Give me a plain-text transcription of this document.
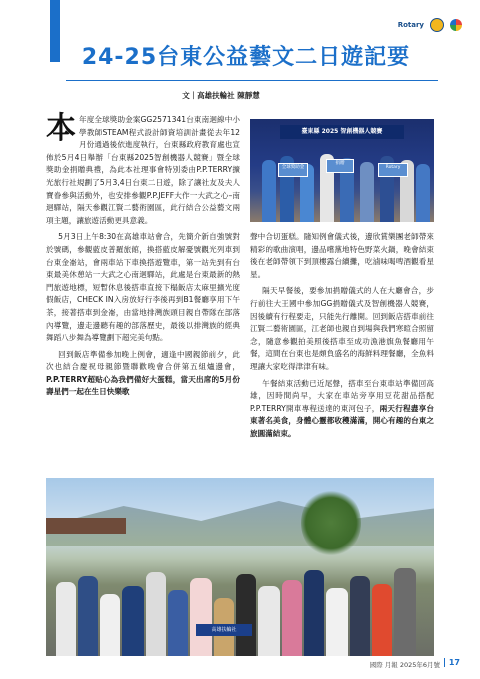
Rotary
24-25台東公益藝文二日遊記要
文｜高雄扶輪社 陳靜慧

本年度全球獎助金案GG2571341台東南迴線中小學教師STEAM程式設計師資培訓計畫從去年12月份通過後依進度執行，台東縣政府教育處也宣佈於5月4日舉辦「台東縣2025智創機器人競賽」暨全球獎助金捐贈典禮，為此本社理事會特別委由P.P.TERRY擴光旅行社規劃了5月3,4日台東二日遊，除了讓社友及夫人寶眷參與活動外，也安排參觀P.P.JEFF大作一大武之心–南迴驛站，隔天參觀江賢二藝術園區，此行結合公益藝文兩項主題，讓旅遊活動更具意義。

5月3日上午8:30在高雄車站會合，先簡介新自強號對於號碼，參觀藍皮普羅旅館，換搭藍皮解憂號觀光列車到台東金崙站，會兩車站下車換搭遊覽車，第一站先到有台東最美休憩站一大武之心南迴驛站，此處是台東最新的熱門旅遊地標，短暫休息後搭車直接下榻飯店太麻里擴光度假飯店，CHECK IN入房放好行李後再到B1餐廳享用下午茶，接著搭車到金崙，由當地排灣族頭目親自帶隊在部落內導覽，邊走邊聽有趣的部落歷史，最後以排灣族的經典舞蹈八步舞為導覽劃下超完美句點。

回到飯店準備參加晚上例會，適逢中國親節前夕，此次也結合慶祝母親節暨聯歡晚會合併第五組爐邊會，P.P.TERRY超贴心為我們備好大蛋糕，當天出席的5月份壽星們一起在生日快樂歌

臺東縣 2025 智創機器人競賽
全球獎助金
捐贈
Rotary

聲中合切蛋糕。隨知例會儀式後，邊欣賞樂團老師帶來精彩的歌曲演唱，邊品嚐黨地特色野菜火鍋，晚會結束後在老師帶領下到頂樓露台續攤，吃滷味喝啤酒觀看星星。

隔天早餐後，要參加捐贈儀式的人在大廳會合，步行前往大王國中參加GG捐贈儀式及智創機器人競賽，因後續有行程要走，只能先行離開。回到飯店搭車前往江賢二藝術園區，江老師也親自到場與我們寒暄合照留念，隨意參觀拍美照後搭車至成功漁港旗魚餐廳用午餐，這間在台東也是頗負盛名的海鮮料理餐廳，全魚料理讓大家吃得津津有味。

午餐結束活動已近尾聲，搭車至台東車站準備回高雄，因時間尚早，大家在車站旁享用豆花甜品搭配P.P.TERRY開車專程送達的東河包子，兩天行程盡享台東著名美食，身體心靈都收穫滿滿，開心有趣的台東之旅圓滿結束。

高雄扶輪社
國際 月報 2025年6月號	17
